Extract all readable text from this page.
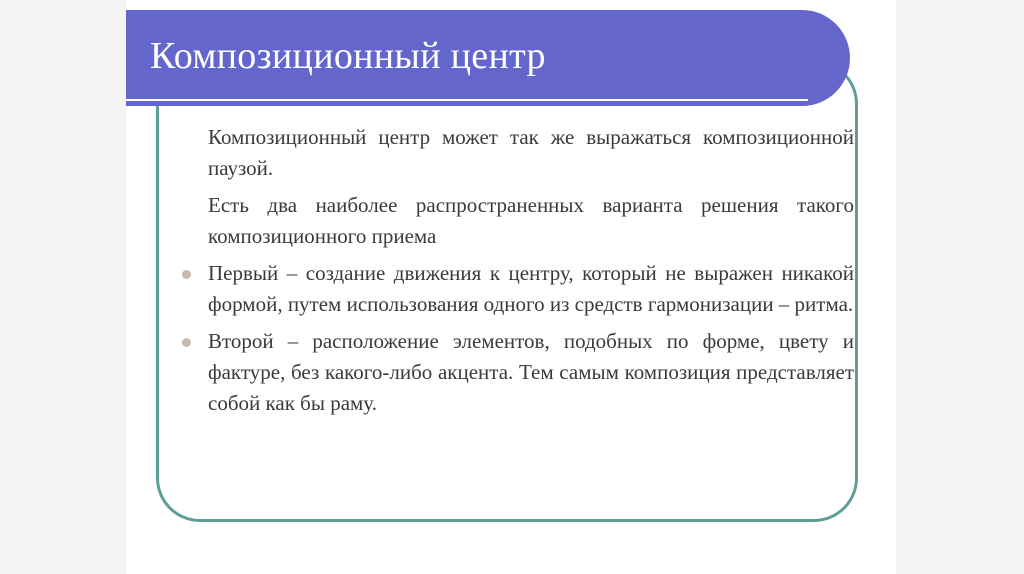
Композиционный центр
Композиционный центр может так же выражаться композиционной паузой.
Есть два наиболее распространенных варианта решения такого композиционного приема
Первый – создание движения к центру, который не выражен никакой формой, путем использования одного из средств гармонизации – ритма.
Второй – расположение элементов, подобных по форме, цвету и фактуре, без какого-либо акцента. Тем самым композиция представляет собой как бы раму.
